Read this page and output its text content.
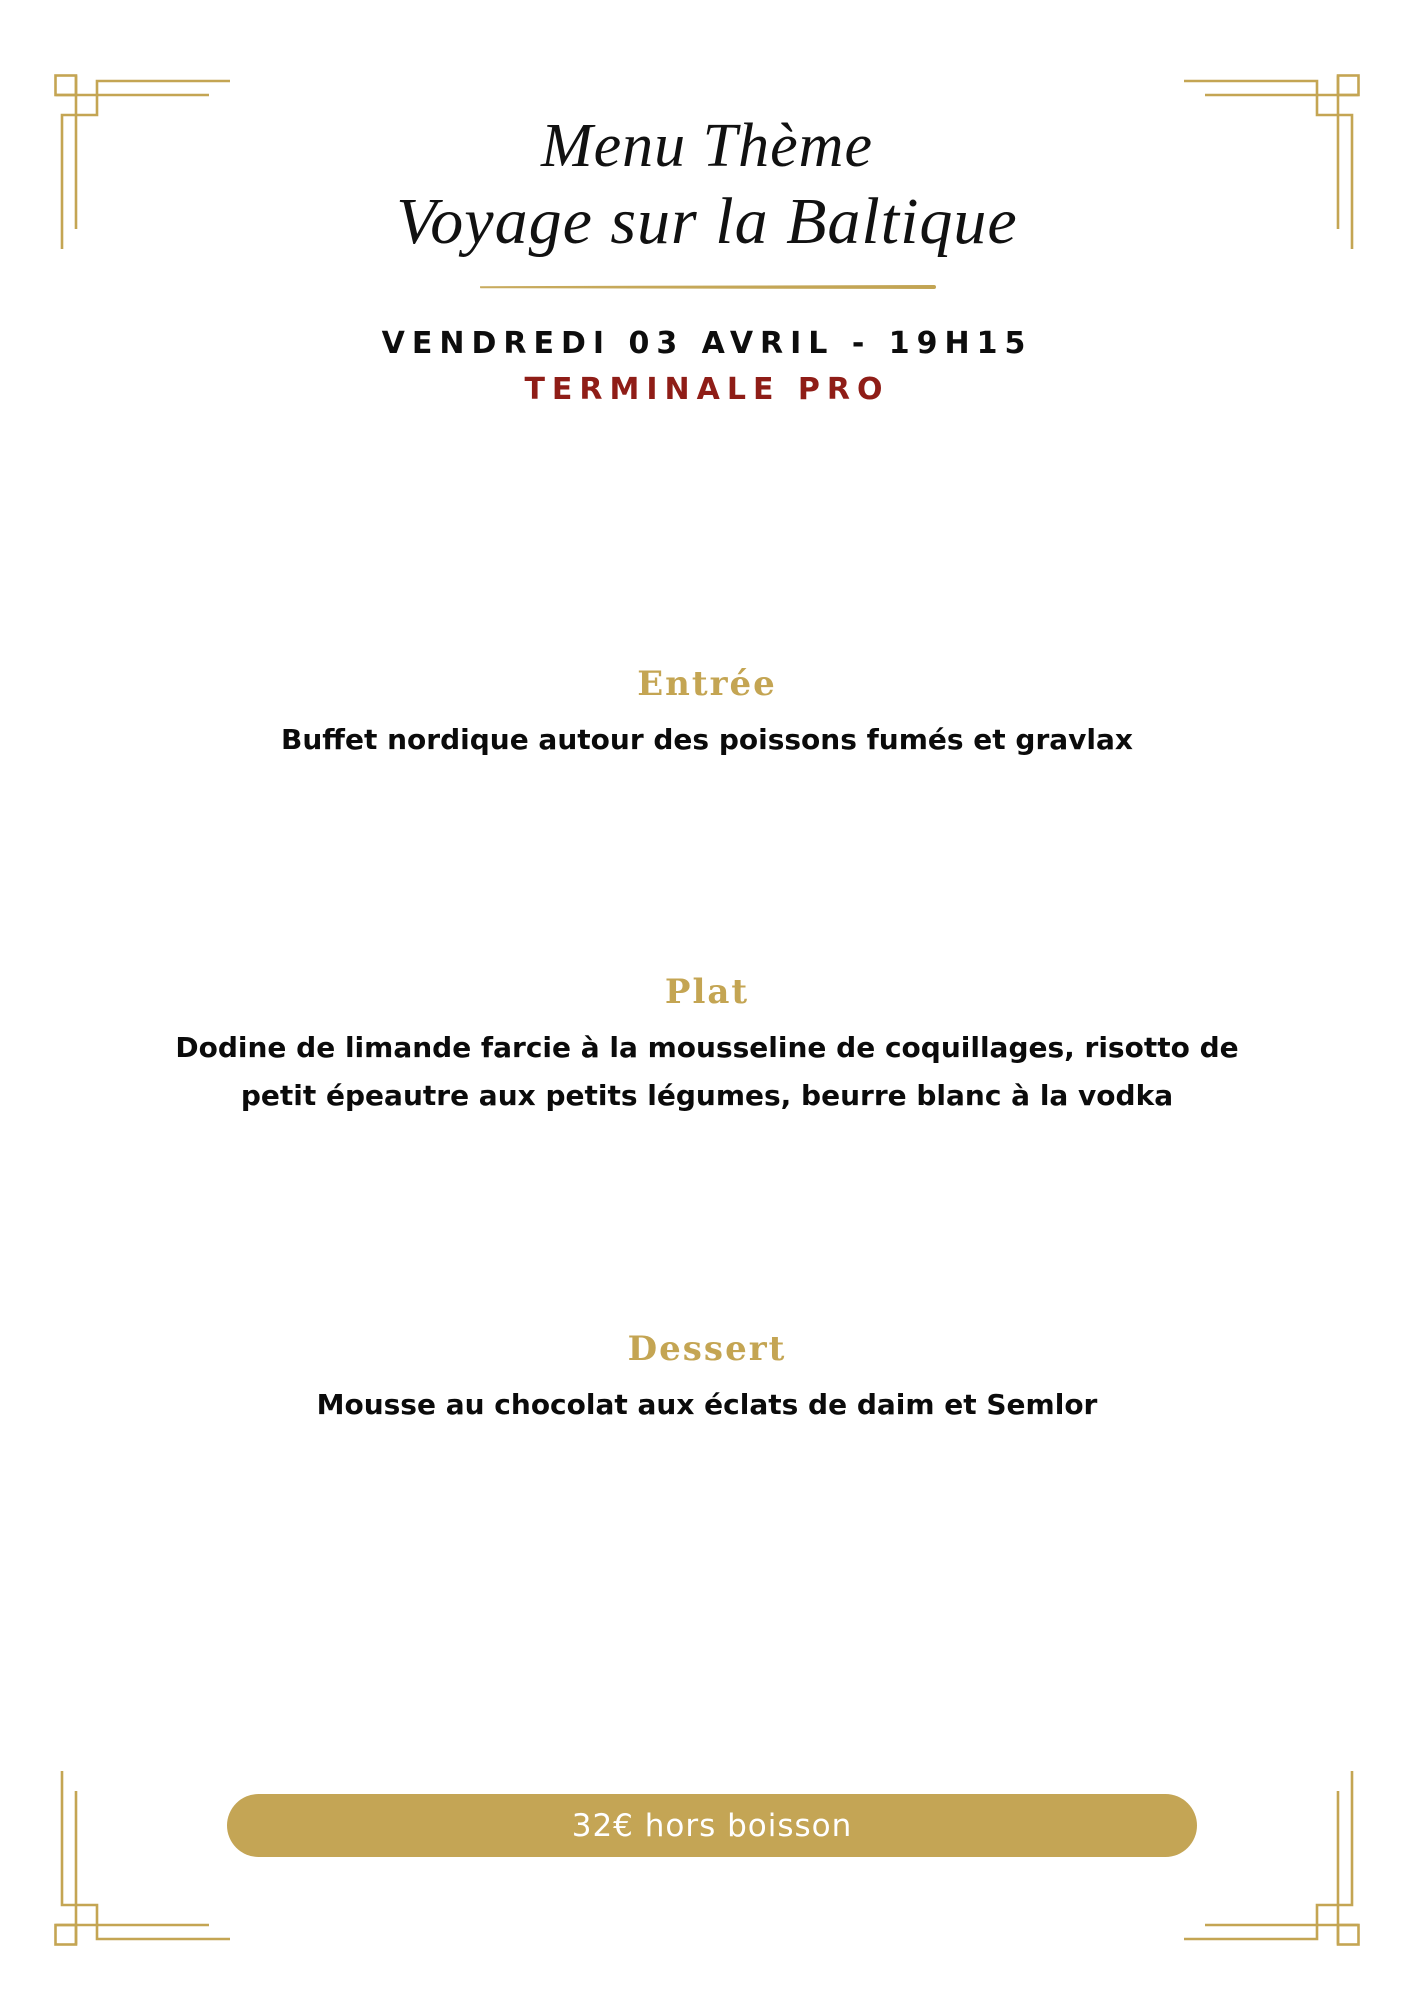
Menu Thème
Voyage sur la Baltique
VENDREDI 03 AVRIL - 19H15
TERMINALE PRO
Entrée

Buffet nordique autour des poissons fumés et gravlax

Plat

Dodine de limande farcie à la mousseline de coquillages, risotto de
petit épeautre aux petits légumes, beurre blanc à la vodka

Dessert

Mousse au chocolat aux éclats de daim et Semlor

32€ hors boisson
